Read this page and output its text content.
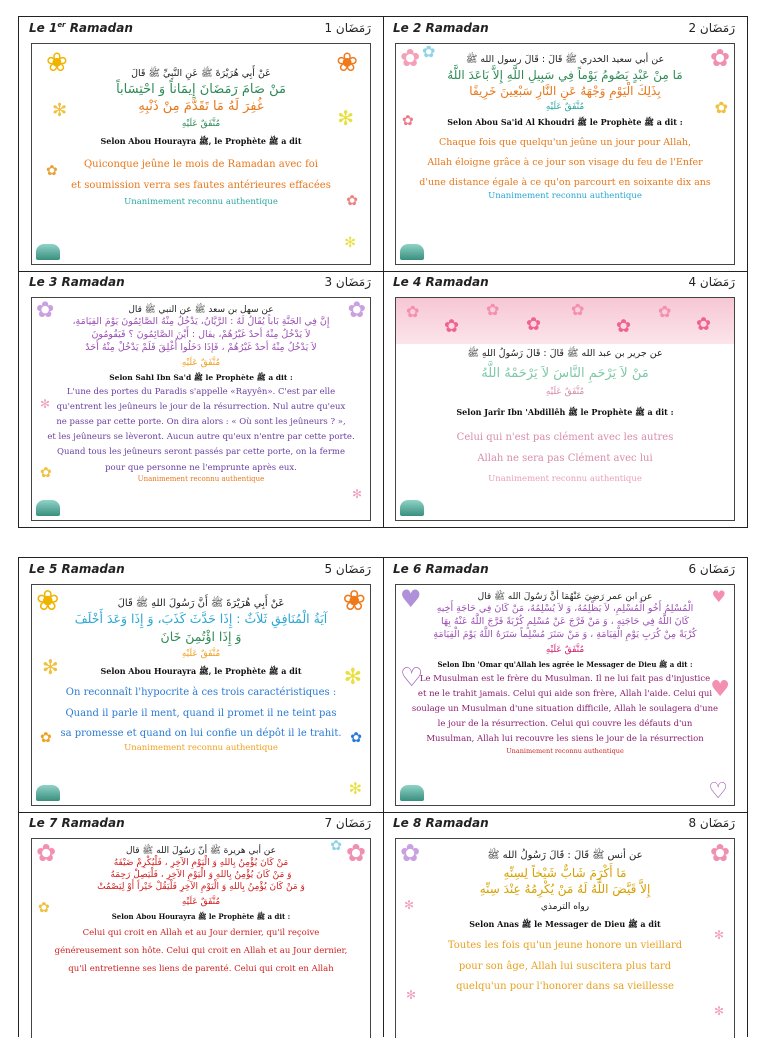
Le 1er Ramadan	1 رَمَضَان
❀	❀
✻	✻
✿
✿
✻
عَنْ أَبِي هُرَيْرَةَ ﷺ عَنِ النَّبِيِّ ﷺ قَالَ
مَنْ صَامَ رَمَضَانَ إِيمَاناً وَ احْتِسَاباً
غُفِرَ لَهُ مَا تَقَدَّمَ مِنْ ذَنْبِهِ
مُتَّفَقٌ عَلَيْهِ
Selon Abou Hourayra ﷺ, le Prophète ﷺ a dit
Quiconque jeûne le mois de Ramadan avec foi
et soumission verra ses fautes antérieures effacées
Unanimement reconnu authentique
Le 2 Ramadan	2 رَمَضَان
✿ ✿	✿
✿
✿
عن أبي سعيد الخدري ﷺ قَالَ : قَالَ رسول الله ﷺ
مَا مِنْ عَبْدٍ يَصُومُ يَوْماً فِي سَبِيلِ اللَّهِ إِلاَّ بَاعَدَ اللَّهُ
بِذَلِكَ الْيَوْمِ وَجْهَهُ عَنِ النَّارِ سَبْعِينَ خَرِيفًا
مُتَّفَقٌ عَلَيْهِ
Selon Abou Sa'id Al Khoudri ﷺ le Prophète ﷺ a dit :
Chaque fois que quelqu'un jeûne un jour pour Allah,
Allah éloigne grâce à ce jour son visage du feu de l'Enfer
d'une distance égale à ce qu'on parcourt en soixante dix ans
Unanimement reconnu authentique
Le 3 Ramadan	3 رَمَضَان
✿	✿
✻
✿
✻
عن سهل بن سعد ﷺ عن النبي ﷺ قال
إِنَّ فِي الجَنَّةِ بَاباً يُقَالُ لَهُ : الرَّيَّانُ، يَدْخُلُ مِنْهُ الصَّائِمُونَ يَوْمَ القِيَامَةِ،
لاَ يَدْخُلُ مِنْهُ أحدٌ غَيْرُهُمْ، يقال : أَيْنَ الصَّائِمُونَ ؟ فَيَقُومُونَ
لاَ يَدْخُلُ مِنْهُ أحدٌ غَيْرُهُمْ ، فَإذَا دَخَلُوا أُغْلِقَ فَلَمْ يَدْخُلْ مِنْهُ أَحَدٌ
مُتَّفَقٌ عَلَيْهِ
Selon Sahl Ibn Sa'd ﷺ le Prophète ﷺ a dit :
L'une des portes du Paradis s'appelle «Rayyên». C'est par elle
qu'entrent les jeûneurs le jour de la résurrection. Nul autre qu'eux
ne passe par cette porte. On dira alors : « Où sont les jeûneurs ? »,
et les jeûneurs se lèveront. Aucun autre qu'eux n'entre par cette porte.
Quand tous les jeûneurs seront passés par cette porte, on la ferme
pour que personne ne l'emprunte après eux.
Unanimement reconnu authentique
Le 4 Ramadan	4 رَمَضَان
✿
✿
✿
✿
✿
✿
✿
✿
عن جرير بن عبد الله ﷺ قَالَ : قَالَ رَسُولُ اللهِ ﷺ
مَنْ لاَ يَرْحَمِ النَّاسَ لاَ يَرْحَمْهُ اللَّهُ
مُتَّفَقٌ عَلَيْهِ
Selon Jarîr Ibn 'Abdillêh ﷺ le Prophète ﷺ a dit :
Celui qui n'est pas clément avec les autres
Allah ne sera pas Clément avec lui
Unanimement reconnu authentique
Le 5 Ramadan	5 رَمَضَان
❀	❀
✻	✻
✿	✿
✻
عَنْ أَبِي هُرَيْرَةَ ﷺ أَنَّ رَسُولَ اللهِ ﷺ قَالَ
آيَةُ الْمُنَافِقِ ثَلاَثٌ : إِذَا حَدَّثَ كَذَبَ، وَ إِذَا وَعَدَ أَخْلَفَ
وَ إِذَا اؤْتُمِنَ خَانَ
مُتَّفَقٌ عَلَيْهِ
Selon Abou Hourayra ﷺ, le Prophète ﷺ a dit
On reconnaît l'hypocrite à ces trois caractéristiques :
Quand il parle il ment, quand il promet il ne teint pas
sa promesse et quand on lui confie un dépôt il le trahit.
Unanimement reconnu authentique
Le 6 Ramadan	6 رَمَضَان
♥	♥
♡	♥
♡
عن ابن عمر رَضِيَ عَنْهُمَا أنَّ رَسُولَ الله ﷺ قال
الْمُسْلِمُ أَخُو الْمُسْلِمِ، لاَ يَظْلِمُهُ، وَ لاَ يُسْلِمُهُ، مَنْ كَانَ فِي حَاجَةِ أَخِيهِ
كَانَ اللَّهُ فِي حَاجَتِهِ ، وَ مَنْ فَرَّجَ عَنْ مُسْلِمٍ كُرْبَةً فَرَّجَ اللَّهُ عَنْهُ بِهَا
كُرْبَةً مِنْ كُرَبِ يَوْمِ الْقِيَامَةِ ، وَ مَنْ سَتَرَ مُسْلِماً سَتَرَهُ اللَّهُ يَوْمَ الْقِيَامَةِ
مُتَّفَقٌ عَلَيْهِ
Selon Ibn 'Omar qu'Allah les agrée le Messager de Dieu ﷺ a dit :
Le Musulman est le frère du Musulman. Il ne lui fait pas d'injustice
et ne le trahit jamais. Celui qui aide son frère, Allah l'aide. Celui qui
soulage un Musulman d'une situation difficile, Allah le soulagera d'une
le jour de la résurrection. Celui qui couvre les défauts d'un
Musulman, Allah lui recouvre les siens le jour de la résurrection
Unanimement reconnu authentique
Le 7 Ramadan	7 رَمَضَان
✿	✿
✿
✿
عن أبي هريرة ﷺ أنّ رَسُولَ الله ﷺ قال
مَنْ كَانَ يُؤْمِنُ بِاللهِ وَ الْيَوْمِ الآخِرِ ، فَلْيُكْرِمْ ضَيْفَهُ
وَ مَنْ كَانَ يُؤْمِنُ بِاللهِ وَ الْيَوْمِ الآخِرِ ، فَلْيَصِلْ رَحِمَهُ
وَ مَنْ كَانَ يُؤْمِنُ بِاللهِ وَ الْيَوْمِ الآخِرِ فَلْيَقُلْ خَيْراً أَوْ لِيَصْمُتْ
مُتَّفَقٌ عَلَيْهِ
Selon Abou Hourayra ﷺ le Prophète ﷺ a dit :
Celui qui croit en Allah et au Jour dernier, qu'il reçoive
généreusement son hôte. Celui qui croit en Allah et au Jour dernier,
qu'il entretienne ses liens de parenté. Celui qui croit en Allah
Le 8 Ramadan	8 رَمَضَان
✿	✿
✻
✻
✻
✻
عن أنس ﷺ قَالَ : قَالَ رَسُولُ الله ﷺ
مَا أَكْرَمَ شَابٌّ شَيْخاً لِسِنِّهِ
إِلاَّ قَيَّضَ اللَّهُ لَهُ مَنْ يُكْرِمُهُ عِنْدَ سِنِّهِ
رواه الترمذي
Selon Anas ﷺ le Messager de Dieu ﷺ a dit
Toutes les fois qu'un jeune honore un vieillard
pour son âge, Allah lui suscitera plus tard
quelqu'un pour l'honorer dans sa vieillesse
